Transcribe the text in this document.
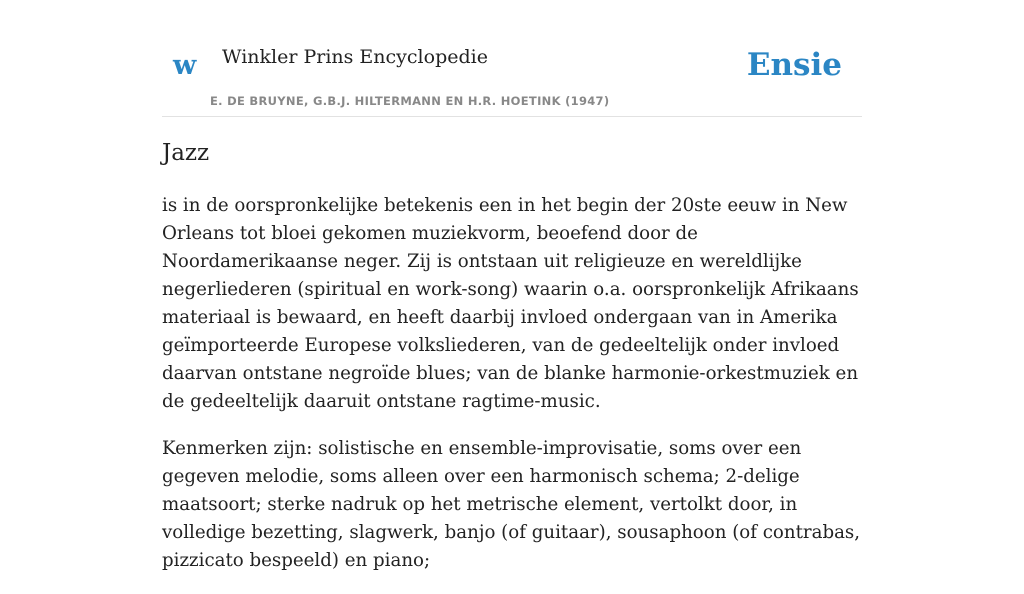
w Winkler Prins Encyclopedie
E. DE BRUYNE, G.B.J. HILTERMANN EN H.R. HOETINK (1947)
Ensie
Jazz

is in de oorspronkelijke betekenis een in het begin der 20ste eeuw in New Orleans tot bloei gekomen muziekvorm, beoefend door de Noordamerikaanse neger. Zij is ontstaan uit religieuze en wereldlijke negerliederen (spiritual en work-song) waarin o.a. oorspronkelijk Afrikaans materiaal is bewaard, en heeft daarbij invloed ondergaan van in Amerika geïmporteerde Europese volksliederen, van de gedeeltelijk onder invloed daarvan ontstane negroïde blues; van de blanke harmonie-orkestmuziek en de gedeeltelijk daaruit ontstane ragtime-music.

Kenmerken zijn: solistische en ensemble-improvisatie, soms over een gegeven melodie, soms alleen over een harmonisch schema; 2-delige maatsoort; sterke nadruk op het metrische element, vertolkt door, in volledige bezetting, slagwerk, banjo (of guitaar), sousaphoon (of contrabas, pizzicato bespeeld) en piano;
